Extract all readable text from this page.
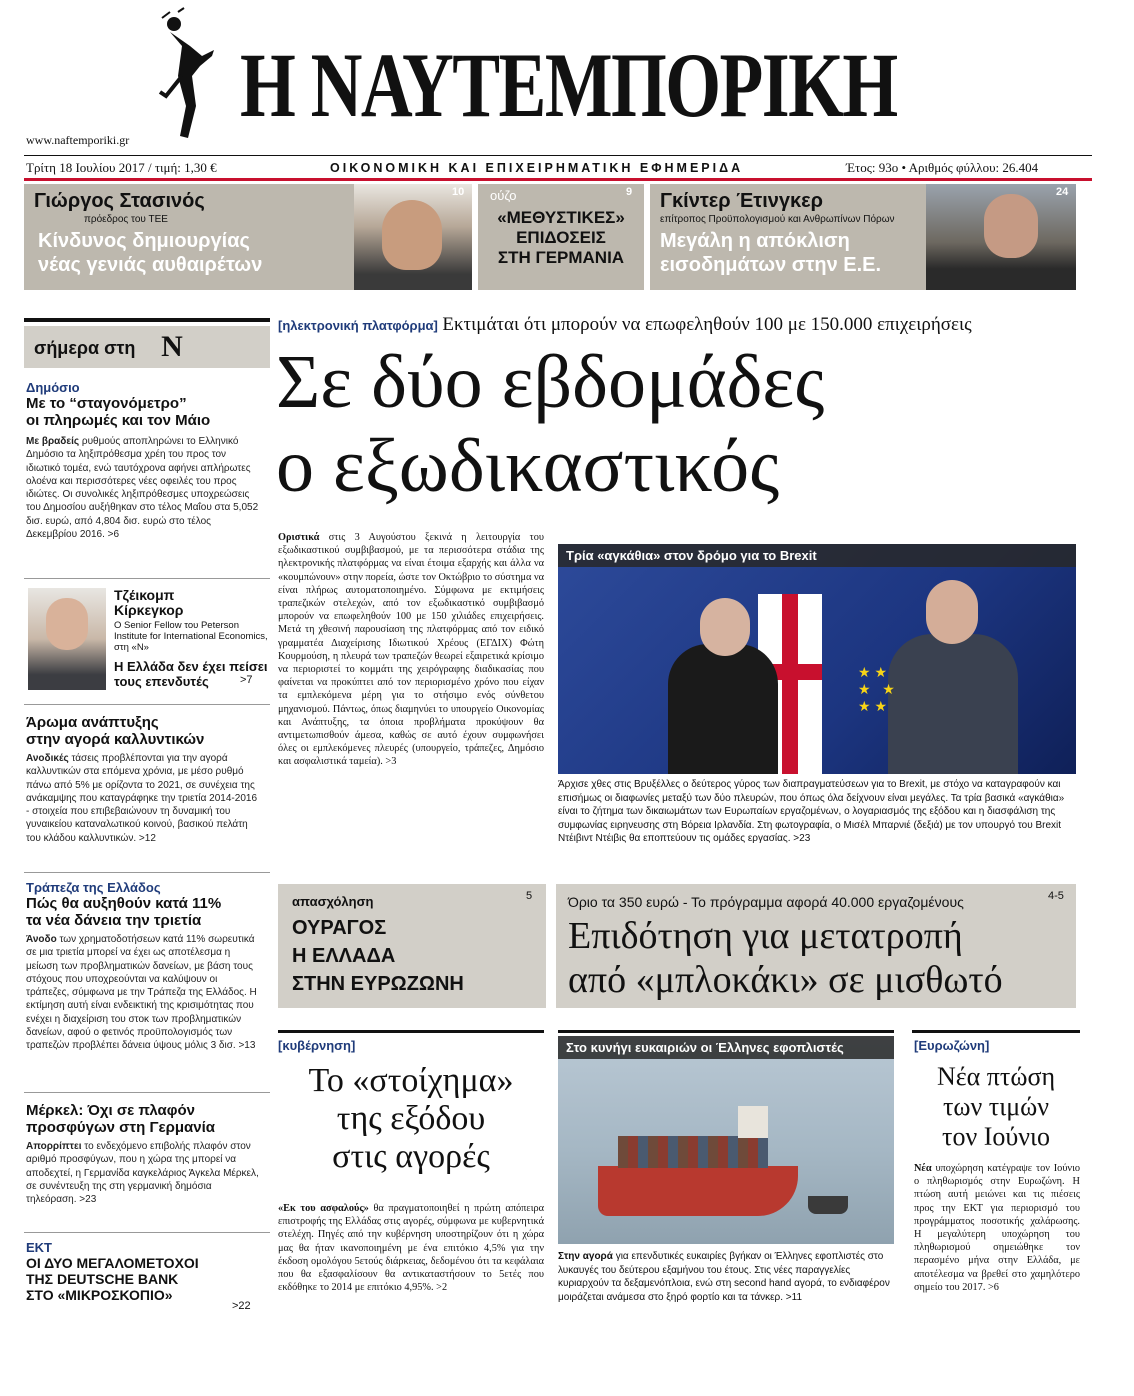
Η ΝΑΥΤΕΜΠΟΡΙΚΗ
www.naftemporiki.gr
Τρίτη 18 Ιουλίου 2017 / τιμή: 1,30 €	ΟΙΚΟΝΟΜΙΚΗ ΚΑΙ ΕΠΙΧΕΙΡΗΜΑΤΙΚΗ ΕΦΗΜΕΡΙΔΑ	Έτος: 93ο • Αριθμός φύλλου: 26.404
Γιώργος Στασινός
πρόεδρος του ΤΕΕ
Κίνδυνος δημιουργίας
νέας γενιάς αυθαιρέτων
10 ούζο	9
«ΜΕΘΥΣΤΙΚΕΣ»
ΕΠΙΔΟΣΕΙΣ
ΣΤΗ ΓΕΡΜΑΝΙΑ
Γκίντερ Έτινγκερ
επίτροπος Προϋπολογισμού και Ανθρωπίνων Πόρων
Μεγάλη η απόκλιση
εισοδημάτων στην Ε.Ε.
24
σήμερα στη N
Δημόσιο
Με το “σταγονόμετρο”
οι πληρωμές και τον Μάιο
Με βραδείς ρυθμούς αποπληρώνει το Ελληνικό Δημόσιο τα ληξιπρόθεσμα χρέη του προς τον ιδιωτικό τομέα, ενώ ταυτόχρονα αφήνει απλήρωτες ολοένα και περισσότερες νέες οφειλές του προς ιδιώτες. Οι συνολικές ληξιπρόθεσμες υποχρεώσεις του Δημοσίου αυξήθηκαν στο τέλος Μαΐου στα 5,052 δισ. ευρώ, από 4,804 δισ. ευρώ στο τέλος Δεκεμβρίου 2016. >6
Τζέικομπ
Κίρκεγκορ
Ο Senior Fellow του Peterson Institute for International Economics, στη «Ν»
Η Ελλάδα δεν έχει πείσει
τους επενδυτές	>7
Άρωμα ανάπτυξης
στην αγορά καλλυντικών
Ανοδικές τάσεις προβλέπονται για την αγορά καλλυντικών στα επόμενα χρόνια, με μέσο ρυθμό πάνω από 5% με ορίζοντα το 2021, σε συνέχεια της ανάκαμψης που καταγράφηκε την τριετία 2014-2016 - στοιχεία που επιβεβαιώνουν τη δυναμική του γυναικείου καταναλωτικού κοινού, βασικού πελάτη του κλάδου καλλυντικών. >12
Τράπεζα της Ελλάδος
Πώς θα αυξηθούν κατά 11%
τα νέα δάνεια την τριετία
Άνοδο των χρηματοδοτήσεων κατά 11% σωρευτικά σε μια τριετία μπορεί να έχει ως αποτέλεσμα η μείωση των προβληματικών δανείων, με βάση τους στόχους που υποχρεούνται να καλύψουν οι τράπεζες, σύμφωνα με την Τράπεζα της Ελλάδος. Η εκτίμηση αυτή είναι ενδεικτική της κρισιμότητας που ενέχει η διαχείριση του στοκ των προβληματικών δανείων, αφού ο φετινός προϋπολογισμός των τραπεζών προβλέπει δάνεια ύψους μόλις 3 δισ. >13
Μέρκελ: Όχι σε πλαφόν
προσφύγων στη Γερμανία
Απορρίπτει το ενδεχόμενο επιβολής πλαφόν στον αριθμό προσφύγων, που η χώρα της μπορεί να αποδεχτεί, η Γερμανίδα καγκελάριος Άγκελα Μέρκελ, σε συνέντευξη της στη γερμανική δημόσια τηλεόραση. >23
ΕΚΤ
ΟΙ ΔΥΟ ΜΕΓΑΛΟΜΕΤΟΧΟΙ
ΤΗΣ DEUTSCHE BANK
ΣΤΟ «ΜΙΚΡΟΣΚΟΠΙΟ»
>22
[ηλεκτρονική πλατφόρμα] Εκτιμάται ότι μπορούν να επωφεληθούν 100 με 150.000 επιχειρήσεις
Σε δύο εβδομάδες
ο εξωδικαστικός
Οριστικά στις 3 Αυγούστου ξεκινά η λειτουργία του εξωδικαστικού συμβιβασμού, με τα περισσότερα στάδια της ηλεκτρονικής πλατφόρμας να είναι έτοιμα εξαρχής και άλλα να «κουμπώνουν» στην πορεία, ώστε τον Οκτώβριο το σύστημα να είναι πλήρως αυτοματοποιημένο. Σύμφωνα με εκτιμήσεις τραπεζικών στελεχών, από τον εξωδικαστικό συμβιβασμό μπορούν να επωφεληθούν 100 με 150 χιλιάδες επιχειρήσεις. Μετά τη χθεσινή παρουσίαση της πλατφόρμας από τον ειδικό γραμματέα Διαχείρισης Ιδιωτικού Χρέους (ΕΓΔΙΧ) Φώτη Κουρμούση, η πλευρά των τραπεζών θεωρεί εξαιρετικά κρίσιμο να περιοριστεί το κομμάτι της χειρόγραφης διαδικασίας που φαίνεται να προκύπτει από τον περιορισμένο χρόνο που είχαν τα εμπλεκόμενα μέρη για το στήσιμο ενός σύνθετου μηχανισμού. Πάντως, όπως διαμηνύει το υπουργείο Οικονομίας και Ανάπτυξης, τα όποια προβλήματα προκύψουν θα αντιμετωπισθούν άμεσα, καθώς σε αυτό έχουν συμφωνήσει όλες οι εμπλεκόμενες πλευρές (υπουργείο, τράπεζες, Δημόσιο και ασφαλιστικά ταμεία). >3
★ ★
★   ★
★ ★
Τρία «αγκάθια» στον δρόμο για το Brexit
Άρχισε χθες στις Βρυξέλλες ο δεύτερος γύρος των διαπραγματεύσεων για το Brexit, με στόχο να καταγραφούν και επισήμως οι διαφωνίες μεταξύ των δύο πλευρών, που όπως όλα δείχνουν είναι μεγάλες. Τα τρία βασικά «αγκάθια» είναι το ζήτημα των δικαιωμάτων των Ευρωπαίων εργαζομένων, ο λογαριασμός της εξόδου και η διασφάλιση της συμφωνίας ειρηνευσης στη Βόρεια Ιρλανδία. Στη φωτογραφία, ο Μισέλ Μπαρνιέ (δεξιά) με τον υπουργό του Brexit Ντέιβιντ Ντέιβις θα εποπτεύουν τις ομάδες εργασίας. >23
απασχόληση
ΟΥΡΑΓΟΣ
Η ΕΛΛΑΔΑ
ΣΤΗΝ ΕΥΡΩΖΩΝΗ
5	Όριο τα 350 ευρώ - Το πρόγραμμα αφορά 40.000 εργαζομένους
Επιδότηση για μετατροπή
από «μπλοκάκι» σε μισθωτό
4-5
[κυβέρνηση]
Το «στοίχημα»
της εξόδου
στις αγορές
«Εκ του ασφαλούς» θα πραγματοποιηθεί η πρώτη απόπειρα επιστροφής της Ελλάδας στις αγορές, σύμφωνα με κυβερνητικά στελέχη. Πηγές από την κυβέρνηση υποστηρίζουν ότι η χώρα μας θα ήταν ικανοποιημένη με ένα επιτόκιο 4,5% για την έκδοση ομολόγου 5ετούς διάρκειας, δεδομένου ότι τα κεφάλαια που θα εξασφαλίσουν θα αντικαταστήσουν το 5ετές που εκδόθηκε το 2014 με επιτόκιο 4,95%. >2
Στο κυνήγι ευκαιριών οι Έλληνες εφοπλιστές
Στην αγορά για επενδυτικές ευκαιρίες βγήκαν οι Έλληνες εφοπλιστές στο λυκαυγές του δεύτερου εξαμήνου του έτους. Στις νέες παραγγελίες κυριαρχούν τα δεξαμενόπλοια, ενώ στη second hand αγορά, το ενδιαφέρον μοιράζεται ανάμεσα στο ξηρό φορτίο και τα τάνκερ. >11
[Ευρωζώνη]
Νέα πτώση
των τιμών
τον Ιούνιο
Νέα υποχώρηση κατέγραψε τον Ιούνιο ο πληθωρισμός στην Ευρωζώνη. Η πτώση αυτή μειώνει και τις πιέσεις προς την ΕΚΤ για περιορισμό του προγράμματος ποσοτικής χαλάρωσης. Η μεγαλύτερη υποχώρηση του πληθωρισμού σημειώθηκε τον περασμένο μήνα στην Ελλάδα, με αποτέλεσμα να βρεθεί στο χαμηλότερο σημείο του 2017. >6
